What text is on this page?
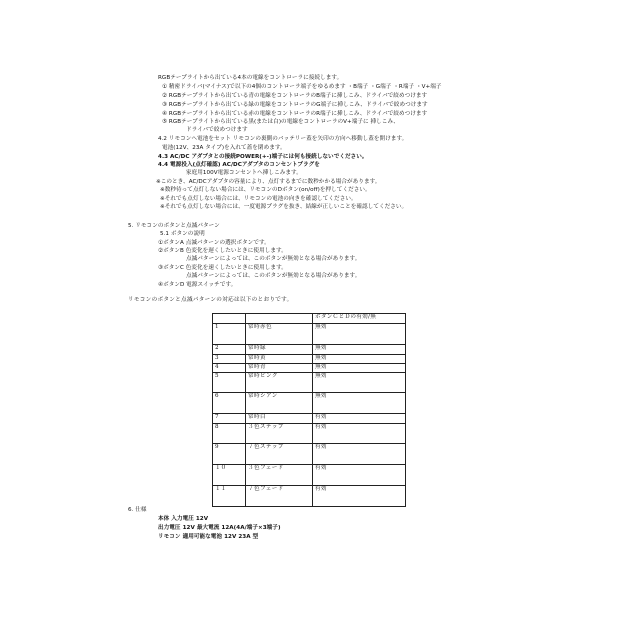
RGBテープライトから出ている4本の電線をコントローラに接続します。
① 精密ドライバ(マイナス)で以下の4個のコントローラ端子をゆるめます ・B端子 ・G端子 ・R端子 ・V+端子
② RGBテープライトから出ている青の電線をコントローラのB端子に挿しこみ、ドライバで絞めつけます
③ RGBテープライトから出ている緑の電線をコントローラのG端子に挿しこみ、ドライバで絞めつけます
④ RGBテープライトから出ている赤の電線をコントローラのR端子に挿しこみ、ドライバで絞めつけます
⑤ RGBテープライトから出ている黒(または白)の電線をコントローラのV+端子に 挿しこみ、
ドライバで絞めつけます
4.2 リモコンへ電池をセット リモコンの裏側のバッテリー蓋を矢印の方向へ移動し蓋を開けます。
電池(12V、23A タイプ)を入れて蓋を閉めます。
4.3 AC/DC アダプタとの接続POWER(+-)端子には何も接続しないでください。
4.4 電源投入(点灯確認) AC/DCアダプタのコンセントプラグを
家庭用100V電源コンセントへ挿しこみます。
※このとき、AC/DCアダプタの容量により、点灯するまでに数秒かかる場合があります。
※数秒待って点灯しない場合には、リモコンのDボタン(on/off)を押してください。
※それでも点灯しない場合には、リモコンの電池の向きを確認してください。
※それでも点灯しない場合には、一度電源プラグを抜き、結線が正しいことを確認してください。
5. リモコンのボタンと点滅パターン
5.1 ボタンの説明
①ボタンA 点滅パターンの選択ボタンです。
②ボタンB 色変化を遅くしたいときに使用します。
点滅パターンによっては、このボタンが無効となる場合があります。
③ボタンC 色変化を速くしたいときに使用します。
点滅パターンによっては、このボタンが無効となる場合があります。
④ボタンD 電源スイッチです。
リモコンのボタンと点滅パターンの対応は以下のとおりです。
		ボタンＣとＤの有効/無
1	常時赤色	無効
2	常時緑	無効
3	常時黄	無効
4	常時青	無効
5	常時ピンク	無効
6	常時シアン	無効
7	常時白	有効
8	３色ステップ	有効
9	７色ステップ	有効
１０	３色フェード	有効
１１	７色フェード	有効
6. 仕様
本体 入力電圧 12V
出力電圧 12V 最大電流 12A(4A/端子×3端子)
リモコン 適用可能な電池 12V 23A 型
